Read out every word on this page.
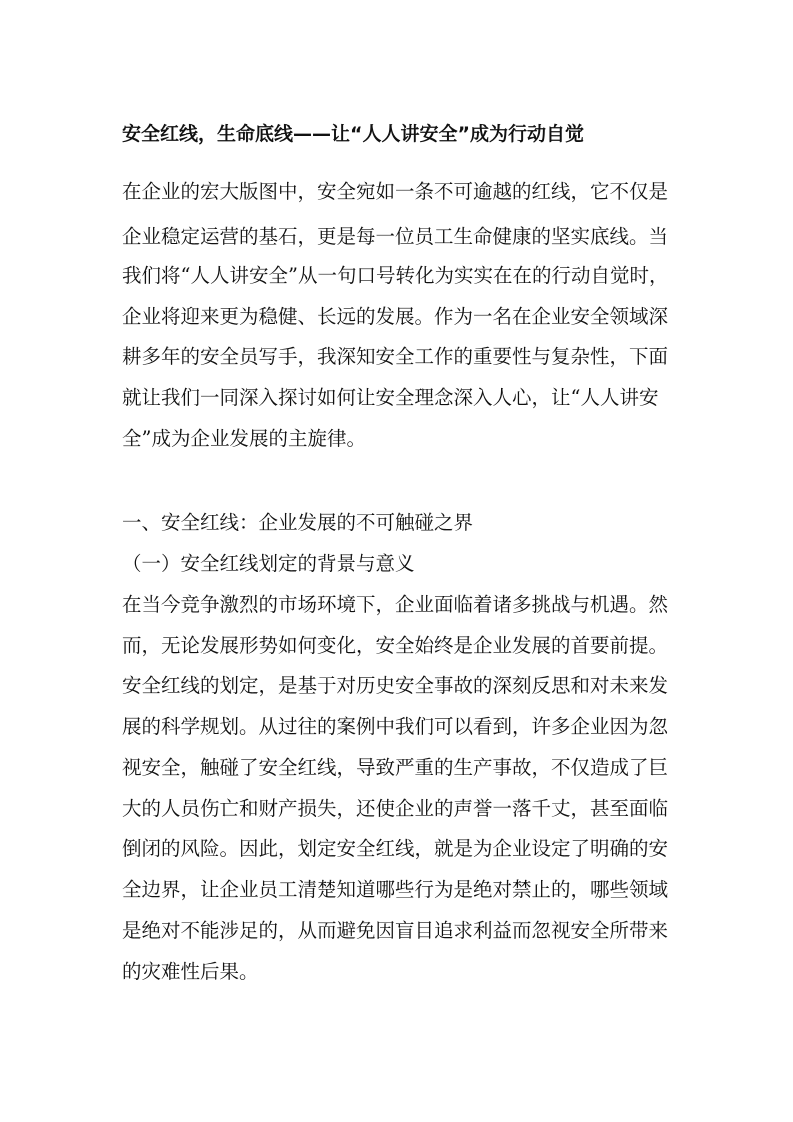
安全红线，生命底线——让“人人讲安全”成为行动自觉

在企业的宏大版图中，安全宛如一条不可逾越的红线，它不仅是

企业稳定运营的基石，更是每一位员工生命健康的坚实底线。当

我们将“人人讲安全”从一句口号转化为实实在在的行动自觉时，

企业将迎来更为稳健、长远的发展。作为一名在企业安全领域深

耕多年的安全员写手，我深知安全工作的重要性与复杂性，下面

就让我们一同深入探讨如何让安全理念深入人心，让“人人讲安

全”成为企业发展的主旋律。

一、安全红线：企业发展的不可触碰之界

（一）安全红线划定的背景与意义

在当今竞争激烈的市场环境下，企业面临着诸多挑战与机遇。然

而，无论发展形势如何变化，安全始终是企业发展的首要前提。

安全红线的划定，是基于对历史安全事故的深刻反思和对未来发

展的科学规划。从过往的案例中我们可以看到，许多企业因为忽

视安全，触碰了安全红线，导致严重的生产事故，不仅造成了巨

大的人员伤亡和财产损失，还使企业的声誉一落千丈，甚至面临

倒闭的风险。因此，划定安全红线，就是为企业设定了明确的安

全边界，让企业员工清楚知道哪些行为是绝对禁止的，哪些领域

是绝对不能涉足的，从而避免因盲目追求利益而忽视安全所带来

的灾难性后果。
